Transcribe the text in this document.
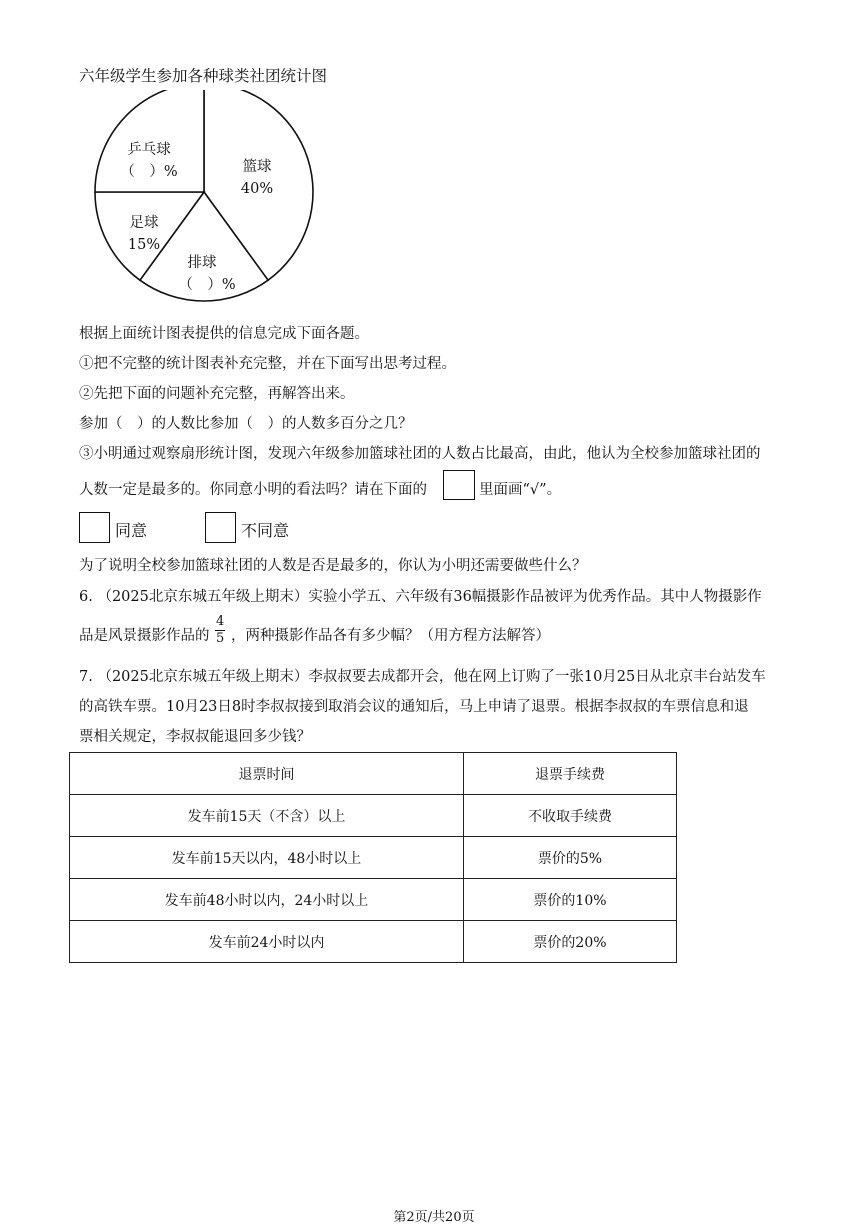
六年级学生参加各种球类社团统计图
乒乓球
（　）%	篮球
40%
足球
15%
排球
（　）%
根据上面统计图表提供的信息完成下面各题。
①把不完整的统计图表补充完整，并在下面写出思考过程。
②先把下面的问题补充完整，再解答出来。
参加（　）的人数比参加（　）的人数多百分之几？
③小明通过观察扇形统计图，发现六年级参加篮球社团的人数占比最高，由此，他认为全校参加篮球社团的
人数一定是最多的。你同意小明的看法吗？请在下面的	里面画“√”。
同意	不同意
为了说明全校参加篮球社团的人数是否是最多的，你认为小明还需要做些什么？
6. （2025北京东城五年级上期末）实验小学五、六年级有36幅摄影作品被评为优秀作品。其中人物摄影作
品是风景摄影作品的 $\frac{4}{5}$ ，两种摄影作品各有多少幅？（用方程方法解答）
7. （2025北京东城五年级上期末）李叔叔要去成都开会，他在网上订购了一张10月25日从北京丰台站发车
的高铁车票。10月23日8时李叔叔接到取消会议的通知后，马上申请了退票。根据李叔叔的车票信息和退
票相关规定，李叔叔能退回多少钱？
退票时间	退票手续费
发车前15天（不含）以上	不收取手续费
发车前15天以内，48小时以上	票价的5%
发车前48小时以内，24小时以上	票价的10%
发车前24小时以内	票价的20%
第2页/共20页
